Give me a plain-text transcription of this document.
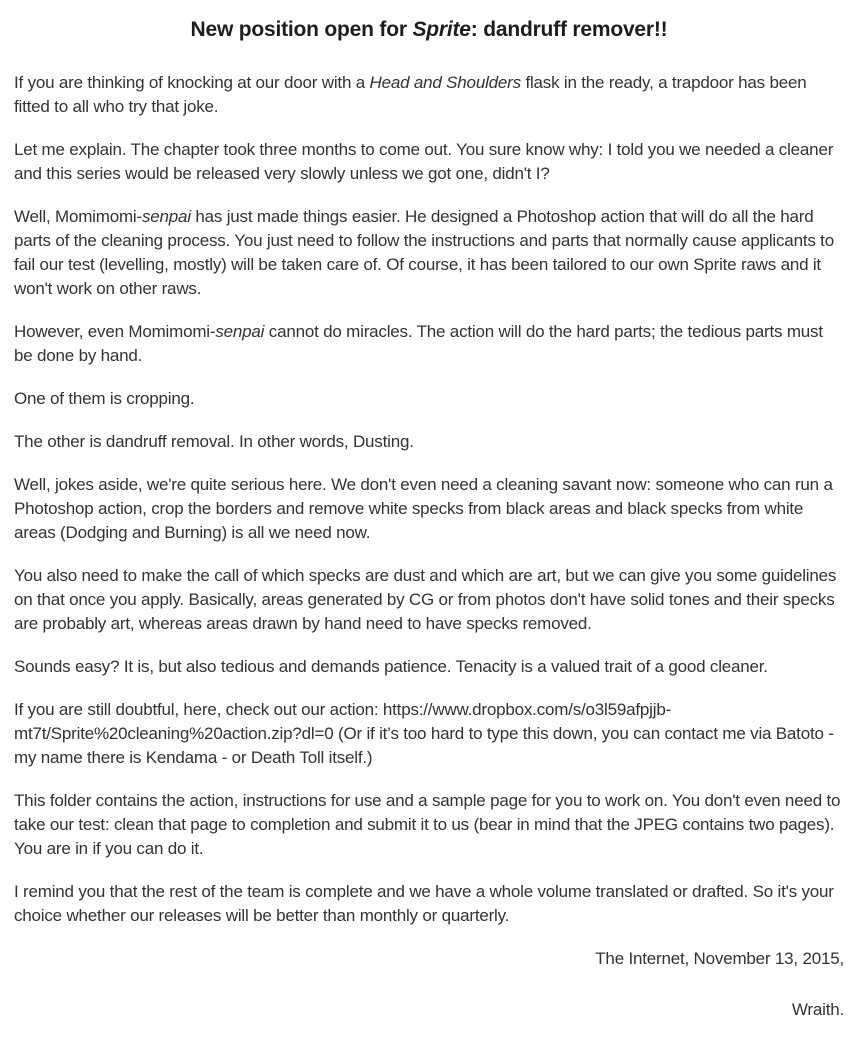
New position open for Sprite: dandruff remover!!

If you are thinking of knocking at our door with a Head and Shoulders flask in the ready, a trapdoor has been fitted to all who try that joke.

Let me explain. The chapter took three months to come out. You sure know why: I told you we needed a cleaner and this series would be released very slowly unless we got one, didn't I?

Well, Momimomi-senpai has just made things easier. He designed a Photoshop action that will do all the hard parts of the cleaning process. You just need to follow the instructions and parts that normally cause applicants to fail our test (levelling, mostly) will be taken care of. Of course, it has been tailored to our own Sprite raws and it won't work on other raws.

However, even Momimomi-senpai cannot do miracles. The action will do the hard parts; the tedious parts must be done by hand.

One of them is cropping.

The other is dandruff removal. In other words, Dusting.

Well, jokes aside, we're quite serious here. We don't even need a cleaning savant now: someone who can run a Photoshop action, crop the borders and remove white specks from black areas and black specks from white areas (Dodging and Burning) is all we need now.

You also need to make the call of which specks are dust and which are art, but we can give you some guidelines on that once you apply. Basically, areas generated by CG or from photos don't have solid tones and their specks are probably art, whereas areas drawn by hand need to have specks removed.

Sounds easy? It is, but also tedious and demands patience. Tenacity is a valued trait of a good cleaner.

If you are still doubtful, here, check out our action: https://www.dropbox.com/s/o3l59afpjjb-mt7t/Sprite%20cleaning%20action.zip?dl=0 (Or if it’s too hard to type this down, you can contact me via Batoto - my name there is Kendama - or Death Toll itself.)

This folder contains the action, instructions for use and a sample page for you to work on. You don't even need to take our test: clean that page to completion and submit it to us (bear in mind that the JPEG contains two pages). You are in if you can do it.

I remind you that the rest of the team is complete and we have a whole volume translated or drafted. So it's your choice whether our releases will be better than monthly or quarterly.

The Internet, November 13, 2015,

Wraith.
